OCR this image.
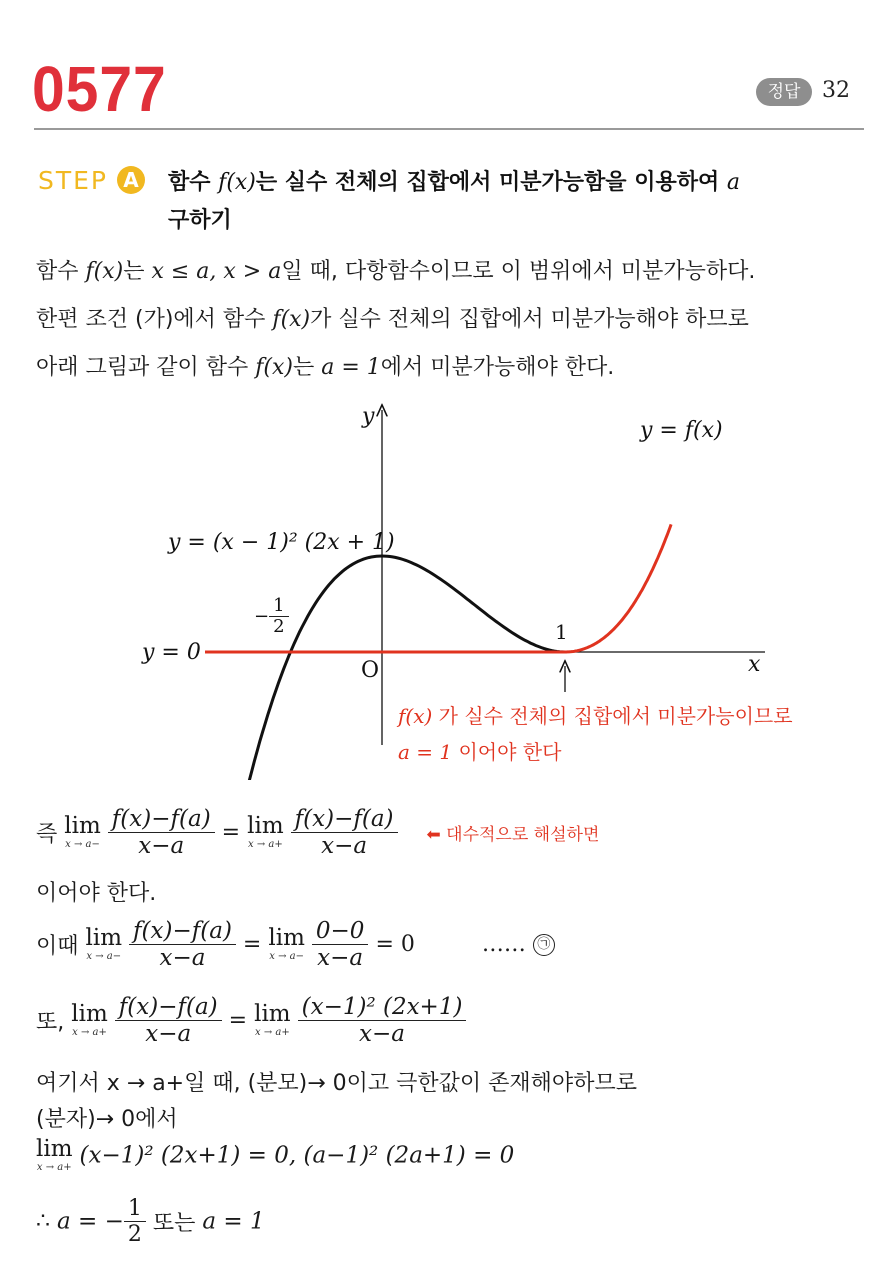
0577	정답 32
STEP A 함수 f(x)는 실수 전체의 집합에서 미분가능함을 이용하여 a
구하기
함수 f(x)는 x ≤ a, x > a일 때, 다항함수이므로 이 범위에서 미분가능하다.
한편 조건 (가)에서 함수 f(x)가 실수 전체의 집합에서 미분가능해야 하므로
아래 그림과 같이 함수 f(x)는 a = 1에서 미분가능해야 한다.
y
x
O
y = f(x)
y = (x − 1)² (2x + 1)
y = 0
1
− $\frac{1}{2}$
f(x) 가 실수 전체의 집합에서 미분가능이므로
a = 1 이어야 한다
즉 lim
x → a−
$\frac{f(x)-f(a)}{x-a} = \lim$
x → a+
$\frac{f(x)-f(a)}{x-a}$ ⬅ 대수적으로 해설하면
이어야 한다.
이때 lim
x → a−
$\frac{f(x)-f(a)}{x-a} = \lim$
x → a−
$\frac{0-0}{x-a} = 0$	…… ㉠
또, lim
x → a+
$\frac{f(x)-f(a)}{x-a} = \lim$
x → a+
$\frac{\text{(x−1)² (2x+1)}}{x-a}$
여기서 x → a+일 때, (분모)→ 0이고 극한값이 존재해야하므로
(분자)→ 0에서
lim
x → a+ (x−1)² (2x+1) = 0, (a−1)² (2a+1) = 0
∴ a = − $\frac{1}{2}$ 또는 a = 1
